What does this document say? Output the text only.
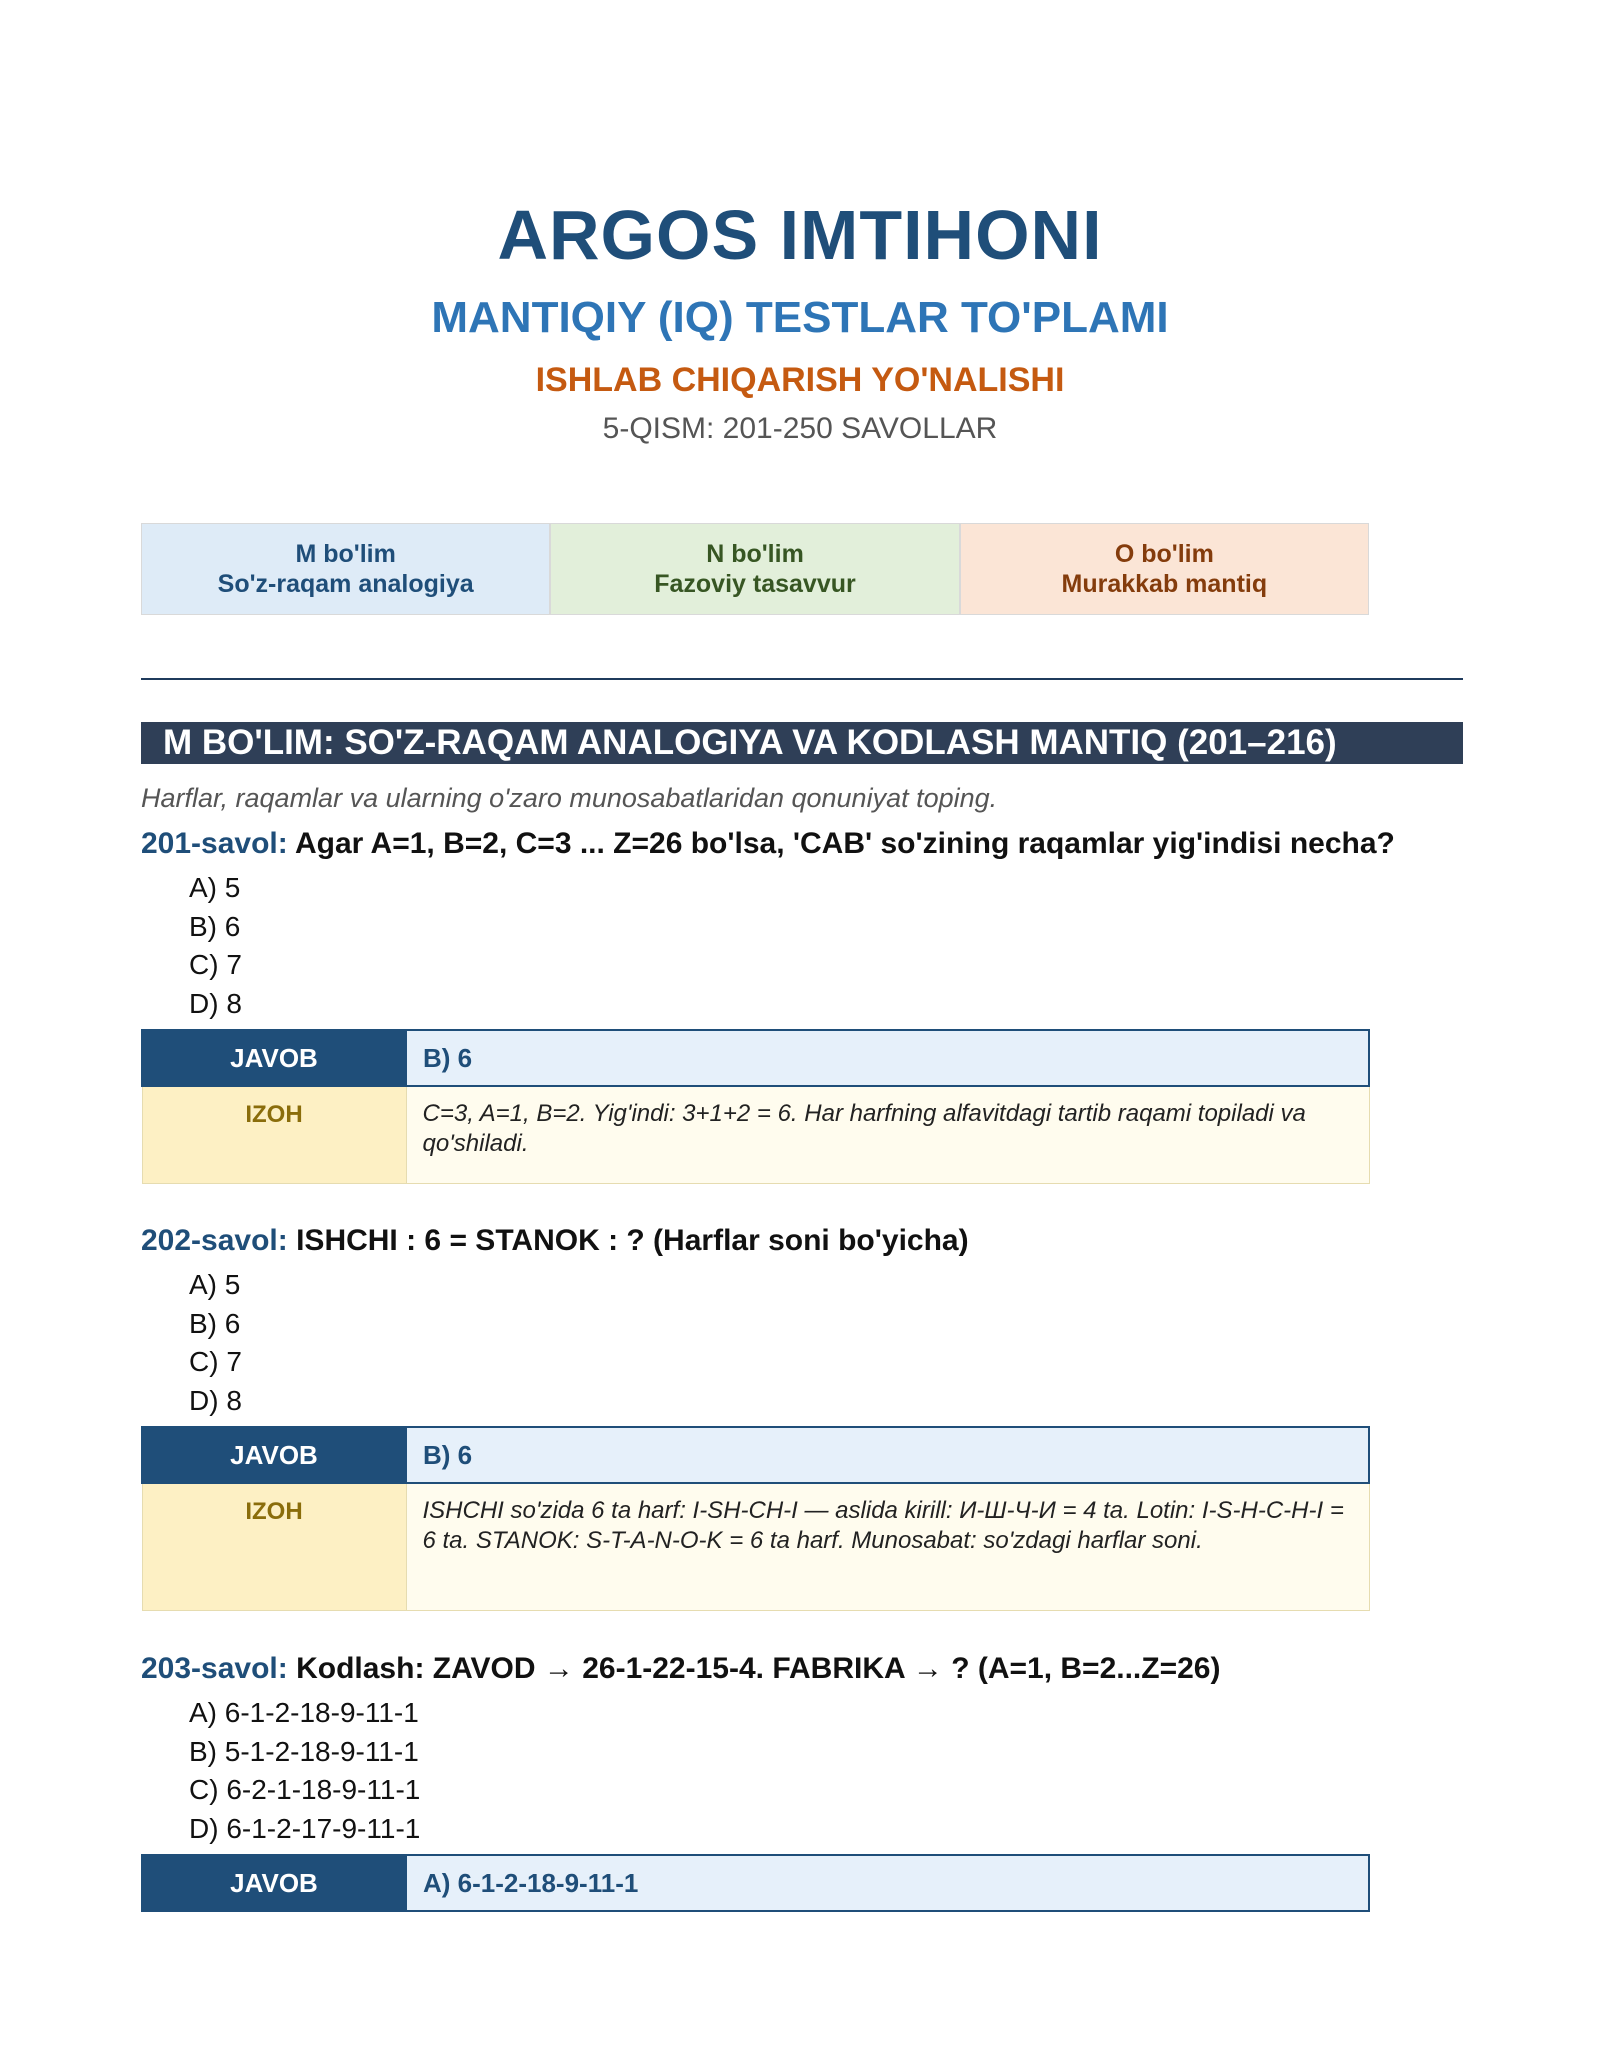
ARGOS IMTIHONI
MANTIQIY (IQ) TESTLAR TO'PLAMI
ISHLAB CHIQARISH YO'NALISHI
5-QISM: 201-250 SAVOLLAR
M bo'lim
So'z-raqam analogiya
N bo'lim
Fazoviy tasavvur
O bo'lim
Murakkab mantiq
M BO'LIM: SO'Z-RAQAM ANALOGIYA VA KODLASH MANTIQ (201–216)
Harflar, raqamlar va ularning o'zaro munosabatlaridan qonuniyat toping.
201-savol: Agar A=1, B=2, C=3 ... Z=26 bo'lsa, 'CAB' so'zining raqamlar yig'indisi necha?
A) 5
B) 6
C) 7
D) 8
JAVOB	B) 6
IZOH	C=3, A=1, B=2. Yig'indi: 3+1+2 = 6. Har harfning alfavitdagi tartib raqami topiladi va qo'shiladi.
202-savol: ISHCHI : 6 = STANOK : ? (Harflar soni bo'yicha)
A) 5
B) 6
C) 7
D) 8
JAVOB	B) 6
IZOH	ISHCHI so'zida 6 ta harf: I-SH-CH-I — aslida kirill: И-Ш-Ч-И = 4 ta. Lotin: I-S-H-C-H-I = 6 ta. STANOK: S-T-A-N-O-K = 6 ta harf. Munosabat: so'zdagi harflar soni.
203-savol: Kodlash: ZAVOD → 26-1-22-15-4. FABRIKA → ? (A=1, B=2...Z=26)
A) 6-1-2-18-9-11-1
B) 5-1-2-18-9-11-1
C) 6-2-1-18-9-11-1
D) 6-1-2-17-9-11-1
JAVOB	A) 6-1-2-18-9-11-1
